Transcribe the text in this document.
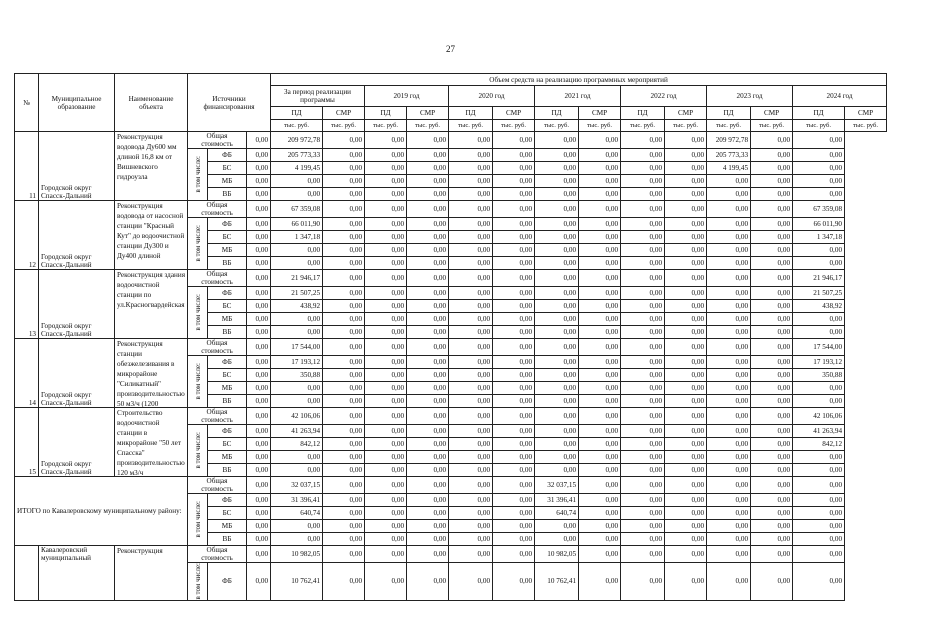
27
№	Муниципальное образование	Наименование объекта	Источники финансирования			Объем средств на реализацию программных мероприятий													
						За период реализации программы		2019 год		2020 год		2021 год		2022 год		2023 год		2024 год	
						ПД	СМР	ПД	СМР	ПД	СМР	ПД	СМР	ПД	СМР	ПД	СМР	ПД	СМР
						тыс. руб.	тыс. руб.	тыс. руб.	тыс. руб.	тыс. руб.	тыс. руб.	тыс. руб.	тыс. руб.	тыс. руб.	тыс. руб.	тыс. руб.	тыс. руб.	тыс. руб.	тыс. руб.
11	Городской округ Спасск-Дальний	Реконструкция водовода Ду600 мм длиной 16,8 км от Вишневского гидроузла	Общая стоимость		0,00	209 972,78	0,00	0,00	0,00	0,00	0,00	0,00	0,00	0,00	0,00	209 972,78	0,00	0,00	

			в том числе:	ФБ	0,00	205 773,33	0,00	0,00	0,00	0,00	0,00	0,00	0,00	0,00	0,00	205 773,33	0,00	0,00	
				БС	0,00	4 199,45	0,00	0,00	0,00	0,00	0,00	0,00	0,00	0,00	0,00	4 199,45	0,00	0,00	
				МБ	0,00	0,00	0,00	0,00	0,00	0,00	0,00	0,00	0,00	0,00	0,00	0,00	0,00	0,00	
				ВБ	0,00	0,00	0,00	0,00	0,00	0,00	0,00	0,00	0,00	0,00	0,00	0,00	0,00	0,00	
12	Городской округ Спасск-Дальний	Реконструкция водовода от насосной станции "Красный Кут" до водоочистной станции Ду300 и Ду400 длиной	Общая стоимость		0,00	67 359,08	0,00	0,00	0,00	0,00	0,00	0,00	0,00	0,00	0,00	0,00	0,00	67 359,08	

			в том числе:	ФБ	0,00	66 011,90	0,00	0,00	0,00	0,00	0,00	0,00	0,00	0,00	0,00	0,00	0,00	66 011,90	
				БС	0,00	1 347,18	0,00	0,00	0,00	0,00	0,00	0,00	0,00	0,00	0,00	0,00	0,00	1 347,18	
				МБ	0,00	0,00	0,00	0,00	0,00	0,00	0,00	0,00	0,00	0,00	0,00	0,00	0,00	0,00	
				ВБ	0,00	0,00	0,00	0,00	0,00	0,00	0,00	0,00	0,00	0,00	0,00	0,00	0,00	0,00	
13	Городской округ Спасск-Дальний	Реконструкция здания водоочистной станции по ул.Красногвардейская	Общая стоимость		0,00	21 946,17	0,00	0,00	0,00	0,00	0,00	0,00	0,00	0,00	0,00	0,00	0,00	21 946,17	

			в том числе:	ФБ	0,00	21 507,25	0,00	0,00	0,00	0,00	0,00	0,00	0,00	0,00	0,00	0,00	0,00	21 507,25	
				БС	0,00	438,92	0,00	0,00	0,00	0,00	0,00	0,00	0,00	0,00	0,00	0,00	0,00	438,92	
				МБ	0,00	0,00	0,00	0,00	0,00	0,00	0,00	0,00	0,00	0,00	0,00	0,00	0,00	0,00	
				ВБ	0,00	0,00	0,00	0,00	0,00	0,00	0,00	0,00	0,00	0,00	0,00	0,00	0,00	0,00	
14	Городской округ Спасск-Дальний	Реконструкция станции обезжелезивания в микрорайоне "Силикатный" производительностью 50 м3/ч (1200	Общая стоимость		0,00	17 544,00	0,00	0,00	0,00	0,00	0,00	0,00	0,00	0,00	0,00	0,00	0,00	17 544,00	

			в том числе:	ФБ	0,00	17 193,12	0,00	0,00	0,00	0,00	0,00	0,00	0,00	0,00	0,00	0,00	0,00	17 193,12	
				БС	0,00	350,88	0,00	0,00	0,00	0,00	0,00	0,00	0,00	0,00	0,00	0,00	0,00	350,88	
				МБ	0,00	0,00	0,00	0,00	0,00	0,00	0,00	0,00	0,00	0,00	0,00	0,00	0,00	0,00	
				ВБ	0,00	0,00	0,00	0,00	0,00	0,00	0,00	0,00	0,00	0,00	0,00	0,00	0,00	0,00	
15	Городской округ Спасск-Дальний	Строительство водоочистной станции в микрорайоне "50 лет Спасска" производительностью 120 м3/ч	Общая стоимость		0,00	42 106,06	0,00	0,00	0,00	0,00	0,00	0,00	0,00	0,00	0,00	0,00	0,00	42 106,06	

			в том числе:	ФБ	0,00	41 263,94	0,00	0,00	0,00	0,00	0,00	0,00	0,00	0,00	0,00	0,00	0,00	41 263,94	
				БС	0,00	842,12	0,00	0,00	0,00	0,00	0,00	0,00	0,00	0,00	0,00	0,00	0,00	842,12	
				МБ	0,00	0,00	0,00	0,00	0,00	0,00	0,00	0,00	0,00	0,00	0,00	0,00	0,00	0,00	
				ВБ	0,00	0,00	0,00	0,00	0,00	0,00	0,00	0,00	0,00	0,00	0,00	0,00	0,00	0,00	
ИТОГО по Кавалеровскому муниципальному району:			Общая стоимость		0,00	32 037,15	0,00	0,00	0,00	0,00	0,00	32 037,15	0,00	0,00	0,00	0,00	0,00	0,00	

			в том числе:	ФБ	0,00	31 396,41	0,00	0,00	0,00	0,00	0,00	31 396,41	0,00	0,00	0,00	0,00	0,00	0,00	
				БС	0,00	640,74	0,00	0,00	0,00	0,00	0,00	640,74	0,00	0,00	0,00	0,00	0,00	0,00	
				МБ	0,00	0,00	0,00	0,00	0,00	0,00	0,00	0,00	0,00	0,00	0,00	0,00	0,00	0,00	
				ВБ	0,00	0,00	0,00	0,00	0,00	0,00	0,00	0,00	0,00	0,00	0,00	0,00	0,00	0,00	
	Кавалеровский муниципальный	Реконструкция	Общая стоимость		0,00	10 982,05	0,00	0,00	0,00	0,00	0,00	10 982,05	0,00	0,00	0,00	0,00	0,00	0,00	

			в том числе:	ФБ	0,00	10 762,41	0,00	0,00	0,00	0,00	0,00	10 762,41	0,00	0,00	0,00	0,00	0,00	0,00	
